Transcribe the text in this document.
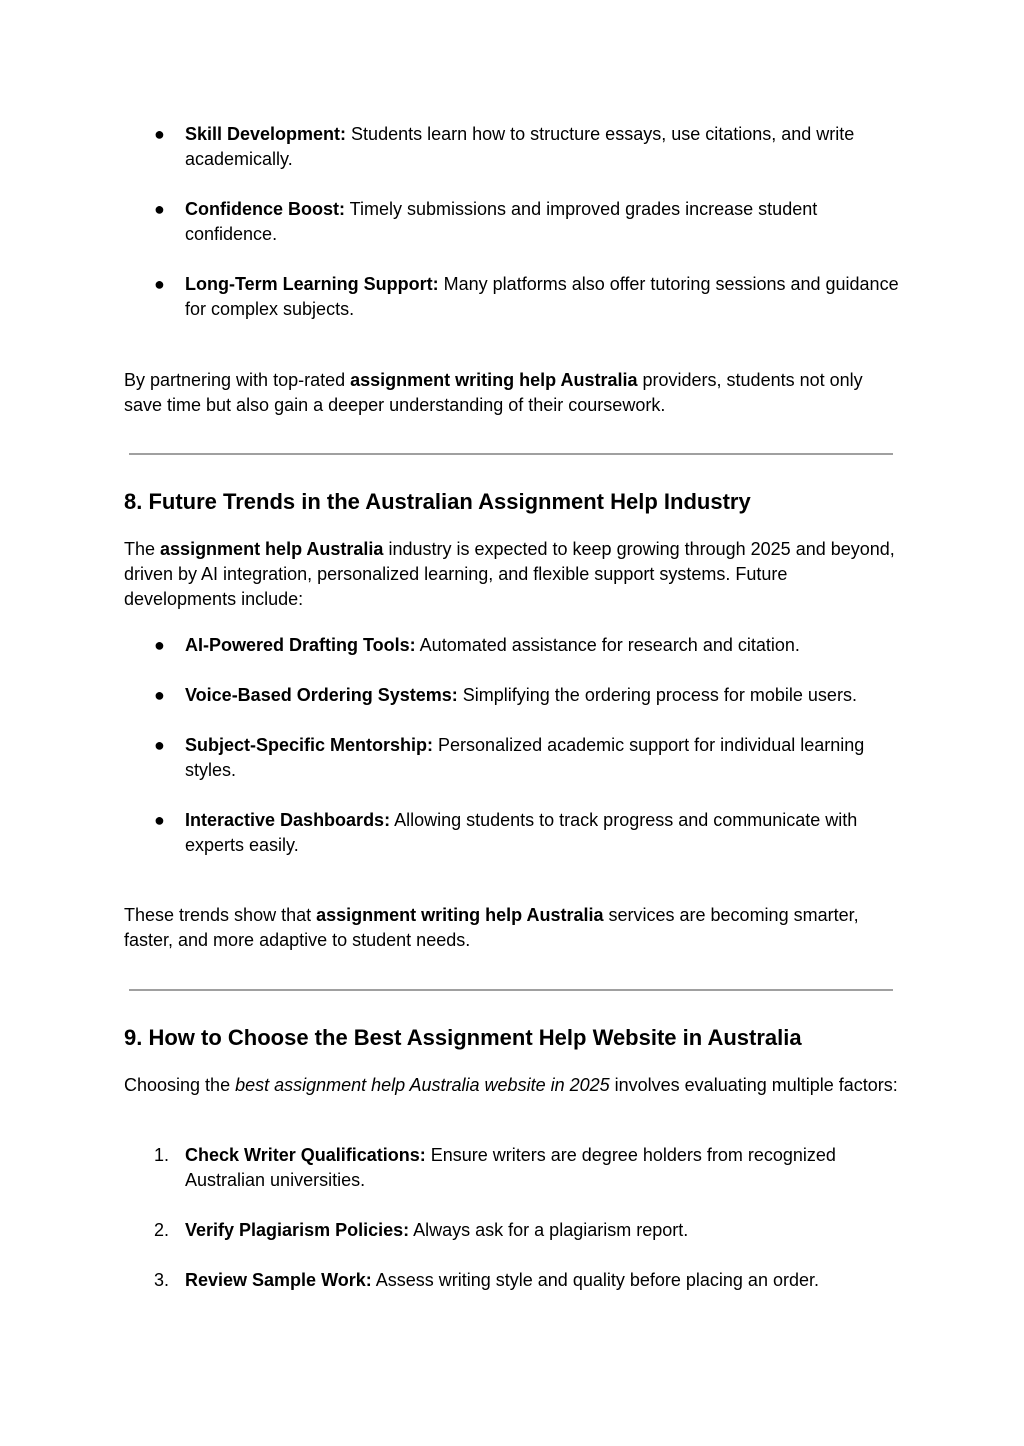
●	Skill Development: Students learn how to structure essays, use citations, and write academically.

●	Confidence Boost: Timely submissions and improved grades increase student confidence.

●	Long-Term Learning Support: Many platforms also offer tutoring sessions and guidance for complex subjects.

By partnering with top-rated assignment writing help Australia providers, students not only save time but also gain a deeper understanding of their coursework.

8. Future Trends in the Australian Assignment Help Industry

The assignment help Australia industry is expected to keep growing through 2025 and beyond, driven by AI integration, personalized learning, and flexible support systems. Future developments include:

●	AI-Powered Drafting Tools: Automated assistance for research and citation.

●	Voice-Based Ordering Systems: Simplifying the ordering process for mobile users.

●	Subject-Specific Mentorship: Personalized academic support for individual learning styles.

●	Interactive Dashboards: Allowing students to track progress and communicate with experts easily.

These trends show that assignment writing help Australia services are becoming smarter, faster, and more adaptive to student needs.

9. How to Choose the Best Assignment Help Website in Australia

Choosing the best assignment help Australia website in 2025 involves evaluating multiple factors:

1. Check Writer Qualifications: Ensure writers are degree holders from recognized Australian universities.

2. Verify Plagiarism Policies: Always ask for a plagiarism report.

3. Review Sample Work: Assess writing style and quality before placing an order.
